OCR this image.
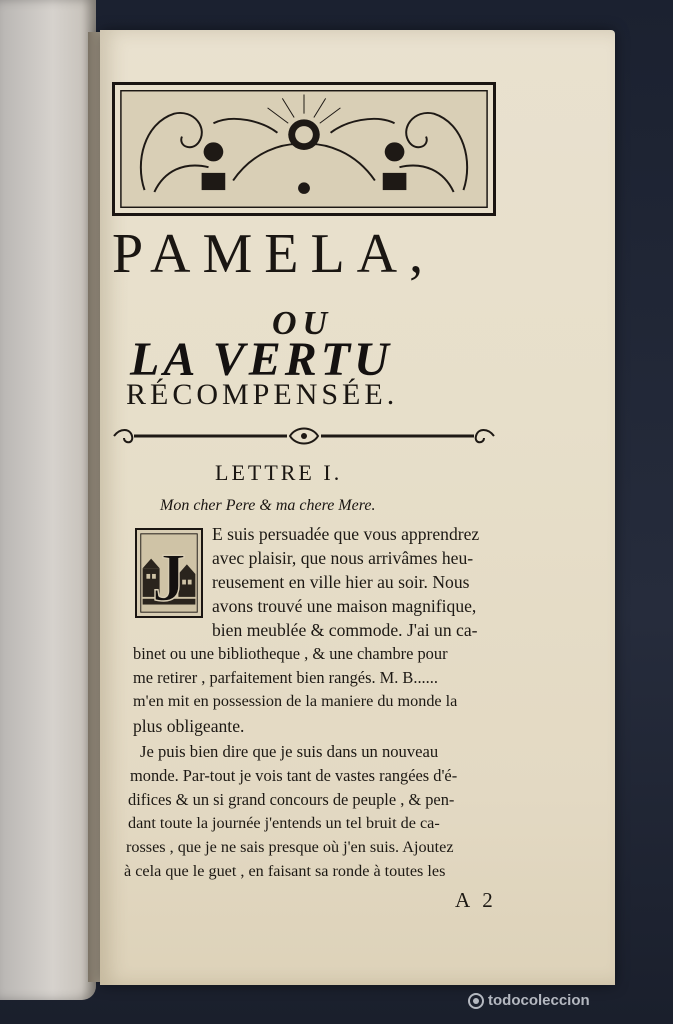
PAMELA,
OU
LA VERTU
RÉCOMPENSÉE.
LETTRE I.
Mon cher Pere & ma chere Mere.
J
E suis persuadée que vous apprendrez
avec plaisir, que nous arrivâmes heu-
reusement en ville hier au soir. Nous
avons trouvé une maison magnifique,
bien meublée & commode. J'ai un ca-
binet ou une bibliotheque , & une chambre pour
me retirer , parfaitement bien rangés. M. B......
m'en mit en possession de la maniere du monde la
plus obligeante.
Je puis bien dire que je suis dans un nouveau
monde. Par-tout je vois tant de vastes rangées d'é-
difices & un si grand concours de peuple , & pen-
dant toute la journée j'entends un tel bruit de ca-
rosses , que je ne sais presque où j'en suis. Ajoutez
à cela que le guet , en faisant sa ronde à toutes les
A 2
todocoleccion
